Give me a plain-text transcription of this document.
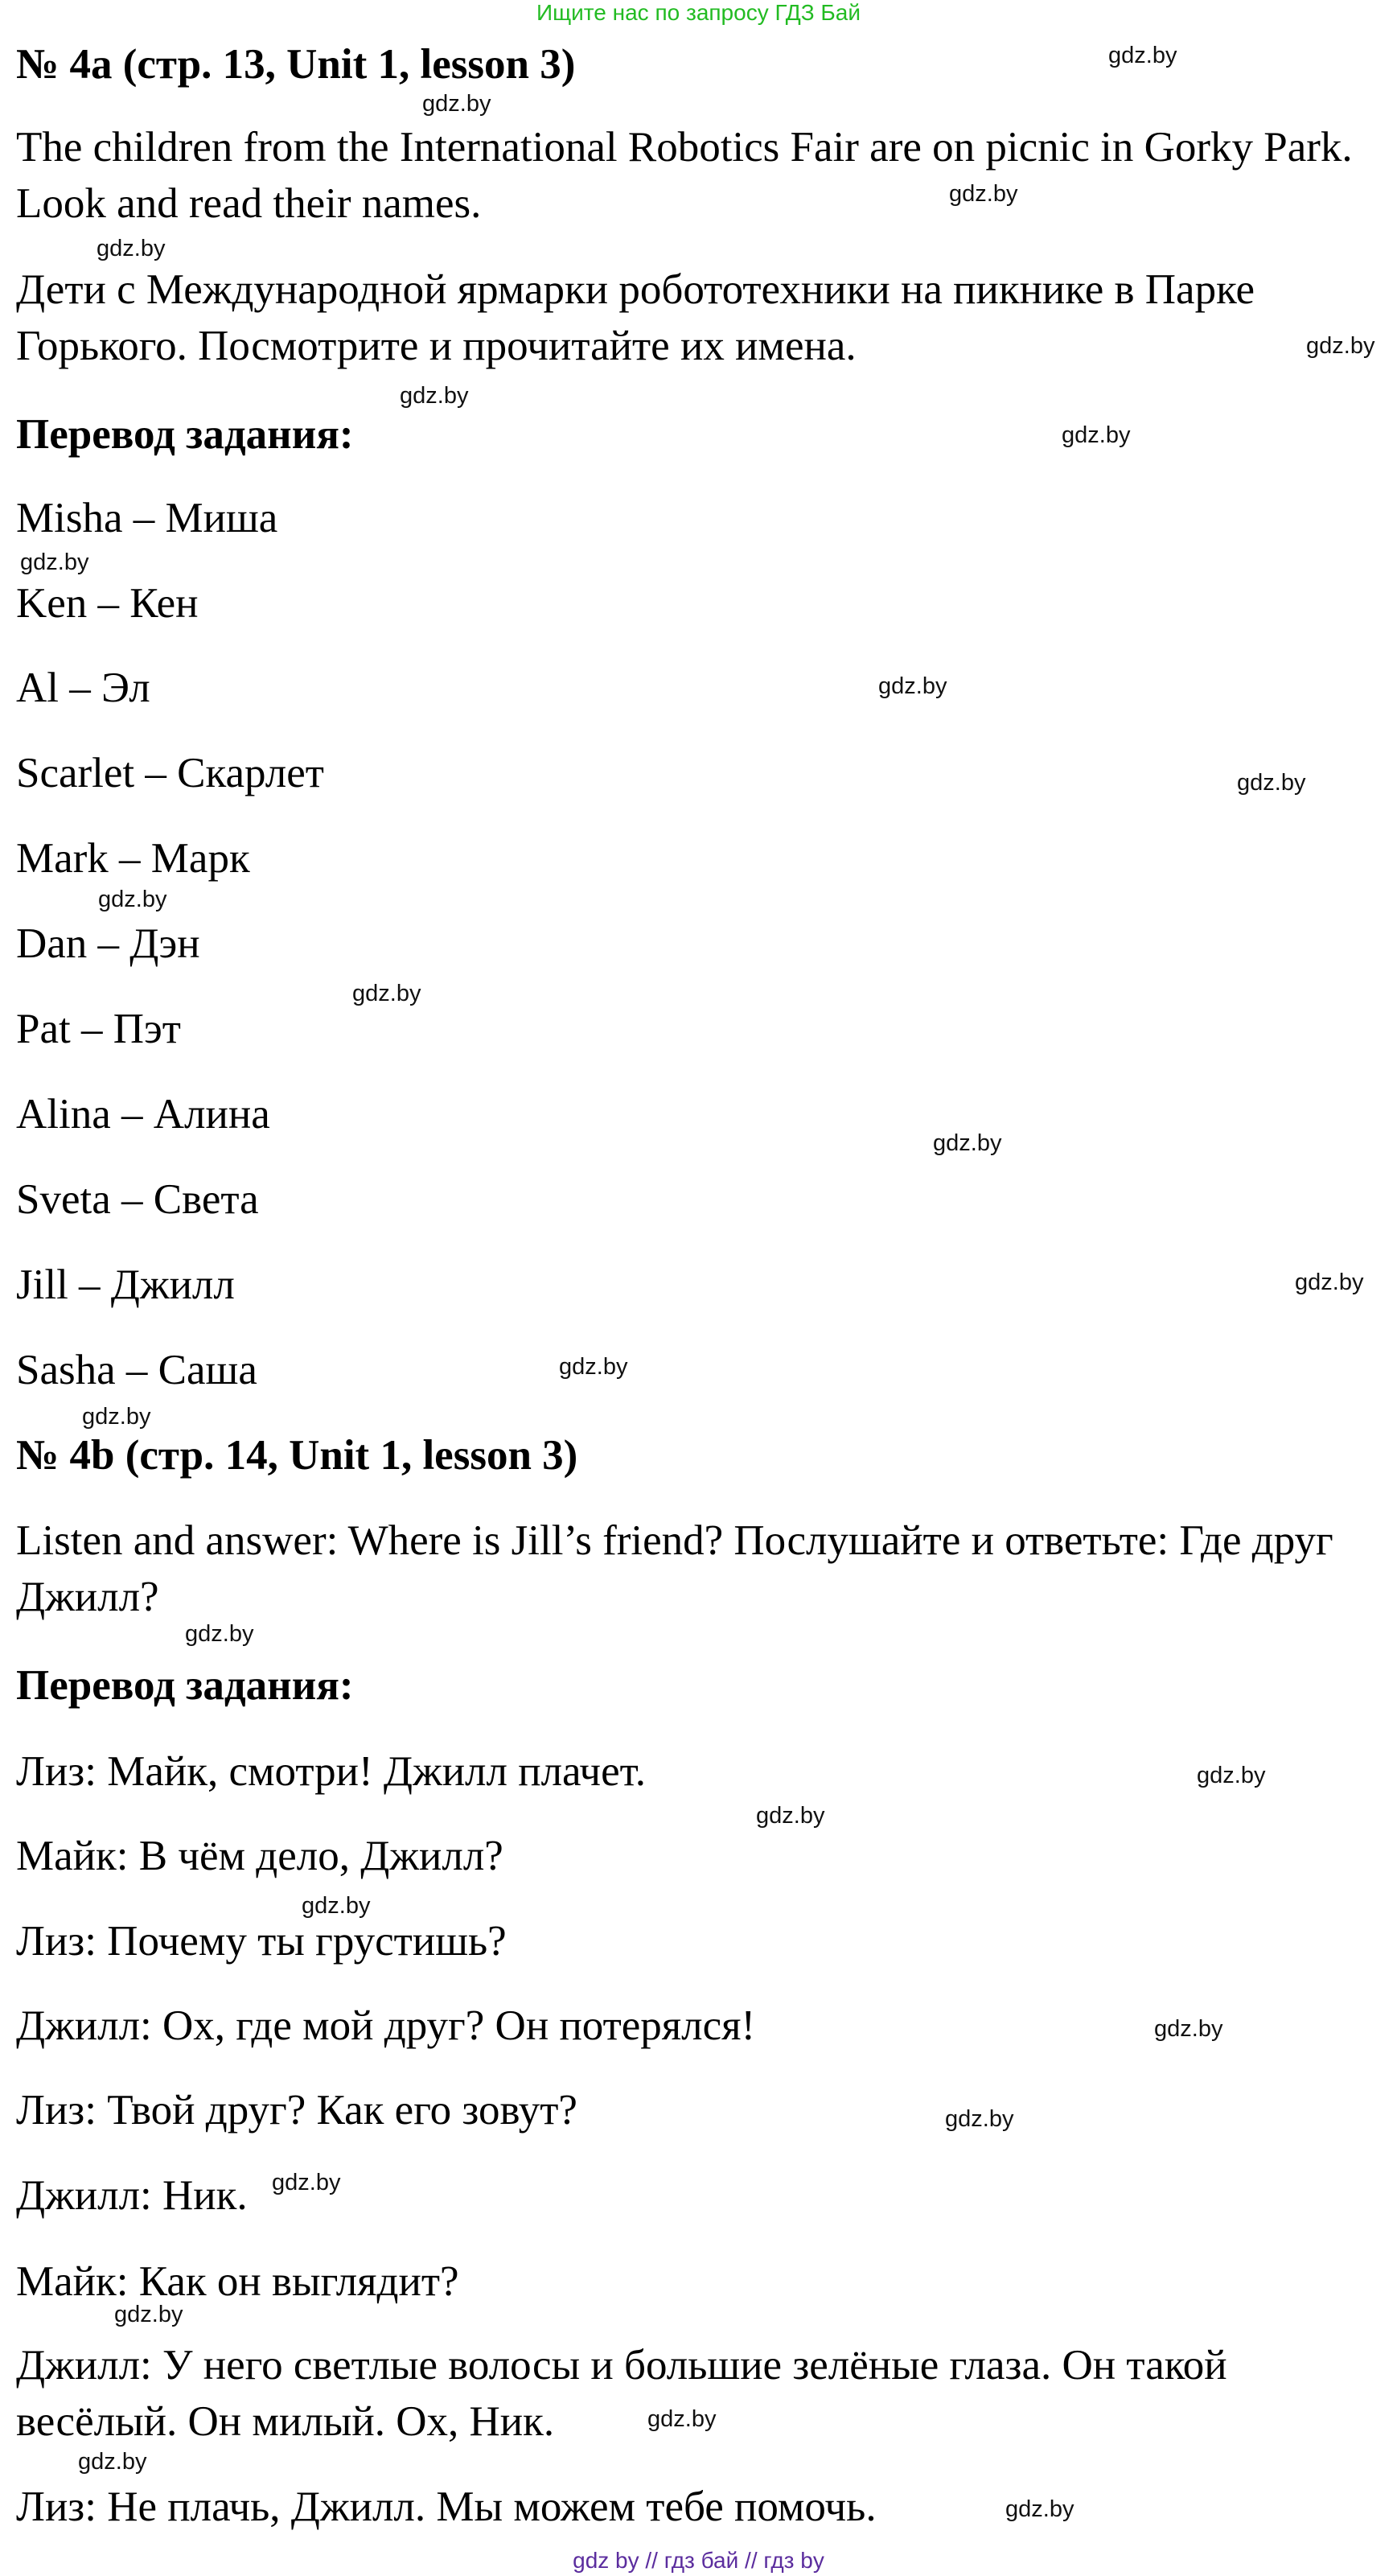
Ищите нас по запросу ГДЗ Бай
№ 4а (стр. 13, Unit 1, lesson 3)
The children from the International Robotics Fair are on picnic in Gorky Park. Look and read their names.
Дети с Международной ярмарки робототехники на пикнике в Парке Горького. Посмотрите и прочитайте их имена.
Перевод задания:
Misha – Миша
Ken – Кен
Al – Эл
Scarlet – Скарлет
Mark – Марк
Dan – Дэн
Pat – Пэт
Alina – Алина
Sveta – Света
Jill – Джилл
Sasha – Саша
№ 4b (стр. 14, Unit 1, lesson 3)
Listen and answer: Where is Jill’s friend? Послушайте и ответьте: Где друг Джилл?
Перевод задания:
Лиз: Майк, смотри! Джилл плачет.
Майк: В чём дело, Джилл?
Лиз: Почему ты грустишь?
Джилл: Ох, где мой друг? Он потерялся!
Лиз: Твой друг? Как его зовут?
Джилл: Ник.
Майк: Как он выглядит?
Джилл: У него светлые волосы и большие зелёные глаза. Он такой весёлый. Он милый. Ох, Ник.
Лиз: Не плачь, Джилл. Мы можем тебе помочь.
gdz.by
gdz.by
gdz.by
gdz.by
gdz.by
gdz.by
gdz.by
gdz.by
gdz.by
gdz.by
gdz.by
gdz.by
gdz.by
gdz.by
gdz.by
gdz.by
gdz.by
gdz.by
gdz.by
gdz.by
gdz.by
gdz.by
gdz.by
gdz.by
gdz.by
gdz.by
gdz.by
gdz by // гдз бай // гдз by
